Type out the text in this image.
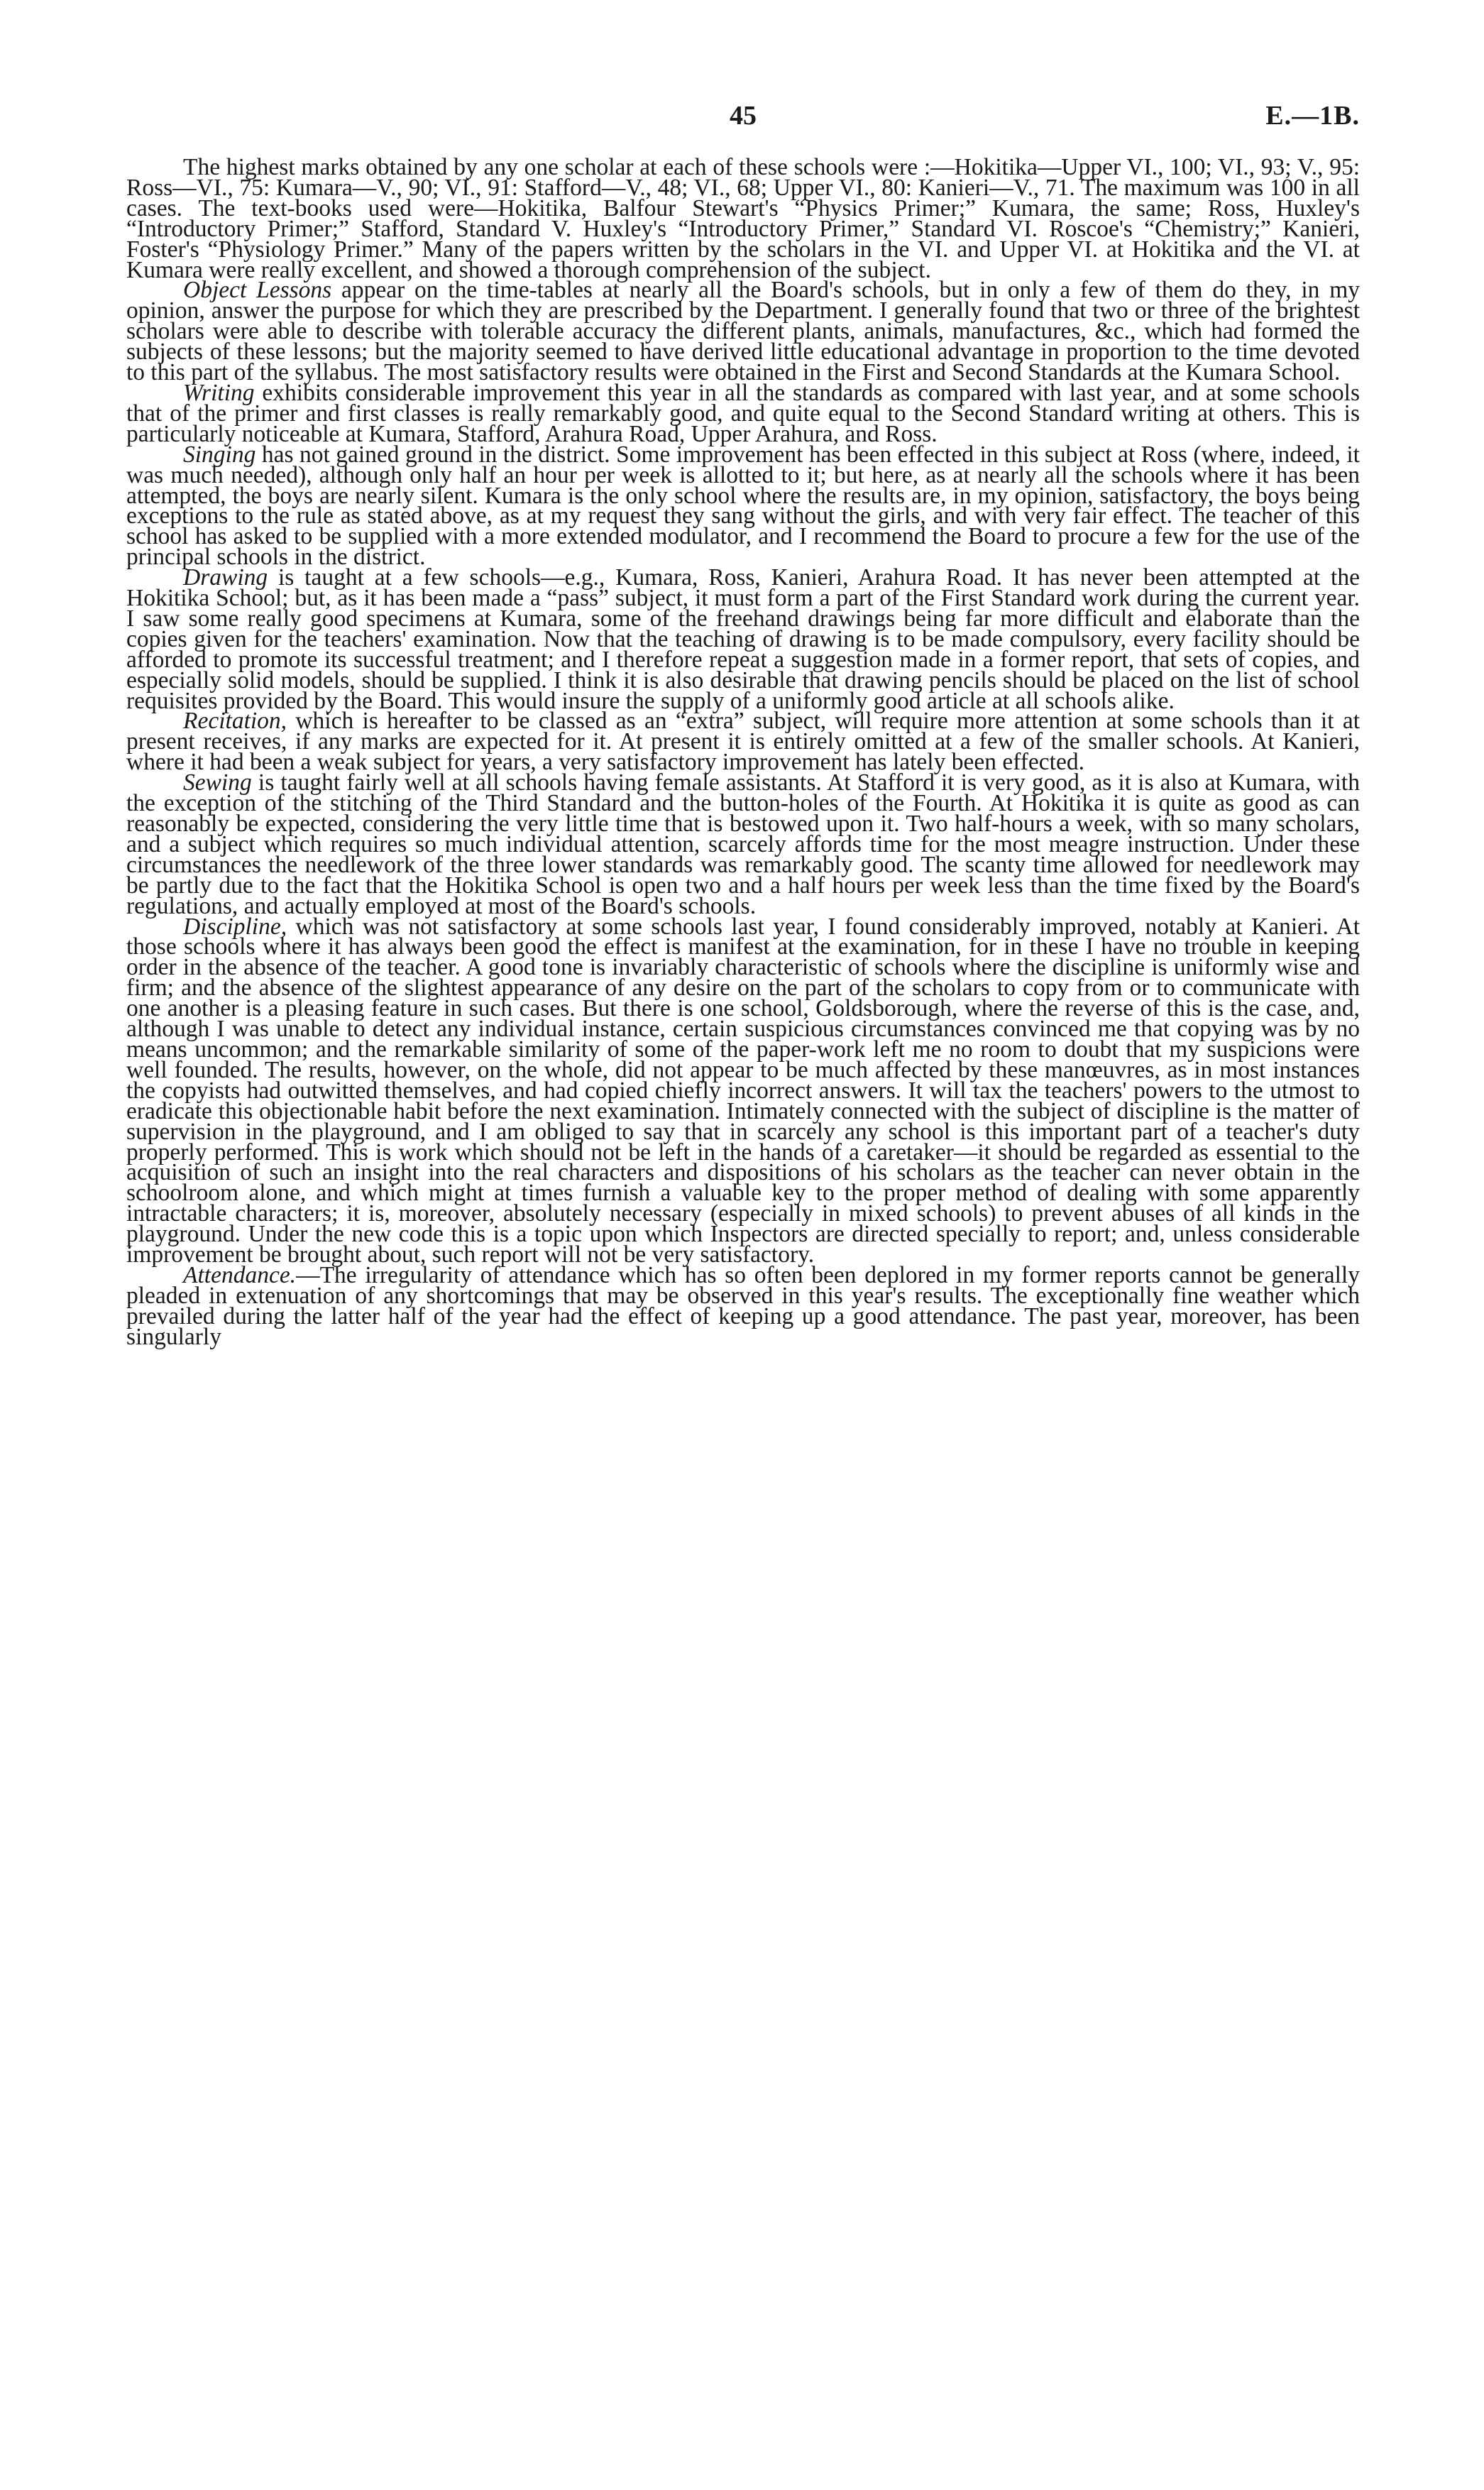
45	E.—1B.

The highest marks obtained by any one scholar at each of these schools were :—Hokitika—Upper VI., 100; VI., 93; V., 95: Ross—VI., 75: Kumara—V., 90; VI., 91: Stafford—V., 48; VI., 68; Upper VI., 80: Kanieri—V., 71. The maximum was 100 in all cases. The text-books used were—Hokitika, Balfour Stewart's “Physics Primer;” Kumara, the same; Ross, Huxley's “Introductory Primer;” Stafford, Standard V. Huxley's “Introductory Primer,” Standard VI. Roscoe's “Chemistry;” Kanieri, Foster's “Physiology Primer.” Many of the papers written by the scholars in the VI. and Upper VI. at Hokitika and the VI. at Kumara were really excellent, and showed a thorough comprehension of the subject.

Object Lessons appear on the time-tables at nearly all the Board's schools, but in only a few of them do they, in my opinion, answer the purpose for which they are prescribed by the Department. I generally found that two or three of the brightest scholars were able to describe with tolerable accuracy the different plants, animals, manufactures, &c., which had formed the subjects of these lessons; but the majority seemed to have derived little educational advantage in proportion to the time devoted to this part of the syllabus. The most satisfactory results were obtained in the First and Second Standards at the Kumara School.

Writing exhibits considerable improvement this year in all the standards as compared with last year, and at some schools that of the primer and first classes is really remarkably good, and quite equal to the Second Standard writing at others. This is particularly noticeable at Kumara, Stafford, Arahura Road, Upper Arahura, and Ross.

Singing has not gained ground in the district. Some improvement has been effected in this subject at Ross (where, indeed, it was much needed), although only half an hour per week is allotted to it; but here, as at nearly all the schools where it has been attempted, the boys are nearly silent. Kumara is the only school where the results are, in my opinion, satisfactory, the boys being exceptions to the rule as stated above, as at my request they sang without the girls, and with very fair effect. The teacher of this school has asked to be supplied with a more extended modulator, and I recommend the Board to procure a few for the use of the principal schools in the district.

Drawing is taught at a few schools—e.g., Kumara, Ross, Kanieri, Arahura Road. It has never been attempted at the Hokitika School; but, as it has been made a “pass” subject, it must form a part of the First Standard work during the current year. I saw some really good specimens at Kumara, some of the freehand drawings being far more difficult and elaborate than the copies given for the teachers' examination. Now that the teaching of drawing is to be made compulsory, every facility should be afforded to promote its successful treatment; and I therefore repeat a suggestion made in a former report, that sets of copies, and especially solid models, should be supplied. I think it is also desirable that drawing pencils should be placed on the list of school requisites provided by the Board. This would insure the supply of a uniformly good article at all schools alike.

Recitation, which is hereafter to be classed as an “extra” subject, will require more attention at some schools than it at present receives, if any marks are expected for it. At present it is entirely omitted at a few of the smaller schools. At Kanieri, where it had been a weak subject for years, a very satisfactory improvement has lately been effected.

Sewing is taught fairly well at all schools having female assistants. At Stafford it is very good, as it is also at Kumara, with the exception of the stitching of the Third Standard and the button-holes of the Fourth. At Hokitika it is quite as good as can reasonably be expected, considering the very little time that is bestowed upon it. Two half-hours a week, with so many scholars, and a subject which requires so much individual attention, scarcely affords time for the most meagre instruction. Under these circumstances the needlework of the three lower standards was remarkably good. The scanty time allowed for needlework may be partly due to the fact that the Hokitika School is open two and a half hours per week less than the time fixed by the Board's regulations, and actually employed at most of the Board's schools.

Discipline, which was not satisfactory at some schools last year, I found considerably improved, notably at Kanieri. At those schools where it has always been good the effect is manifest at the examination, for in these I have no trouble in keeping order in the absence of the teacher. A good tone is invariably characteristic of schools where the discipline is uniformly wise and firm; and the absence of the slightest appearance of any desire on the part of the scholars to copy from or to communicate with one another is a pleasing feature in such cases. But there is one school, Goldsborough, where the reverse of this is the case, and, although I was unable to detect any individual instance, certain suspicious circumstances convinced me that copying was by no means uncommon; and the remarkable similarity of some of the paper-work left me no room to doubt that my suspicions were well founded. The results, however, on the whole, did not appear to be much affected by these manœuvres, as in most instances the copyists had outwitted themselves, and had copied chiefly incorrect answers. It will tax the teachers' powers to the utmost to eradicate this objectionable habit before the next examination. Intimately connected with the subject of discipline is the matter of supervision in the playground, and I am obliged to say that in scarcely any school is this important part of a teacher's duty properly performed. This is work which should not be left in the hands of a caretaker—it should be regarded as essential to the acquisition of such an insight into the real characters and dispositions of his scholars as the teacher can never obtain in the schoolroom alone, and which might at times furnish a valuable key to the proper method of dealing with some apparently intractable characters; it is, moreover, absolutely necessary (especially in mixed schools) to prevent abuses of all kinds in the playground. Under the new code this is a topic upon which Inspectors are directed specially to report; and, unless considerable improvement be brought about, such report will not be very satisfactory.

Attendance.—The irregularity of attendance which has so often been deplored in my former reports cannot be generally pleaded in extenuation of any shortcomings that may be observed in this year's results. The exceptionally fine weather which prevailed during the latter half of the year had the effect of keeping up a good attendance. The past year, moreover, has been singularly
